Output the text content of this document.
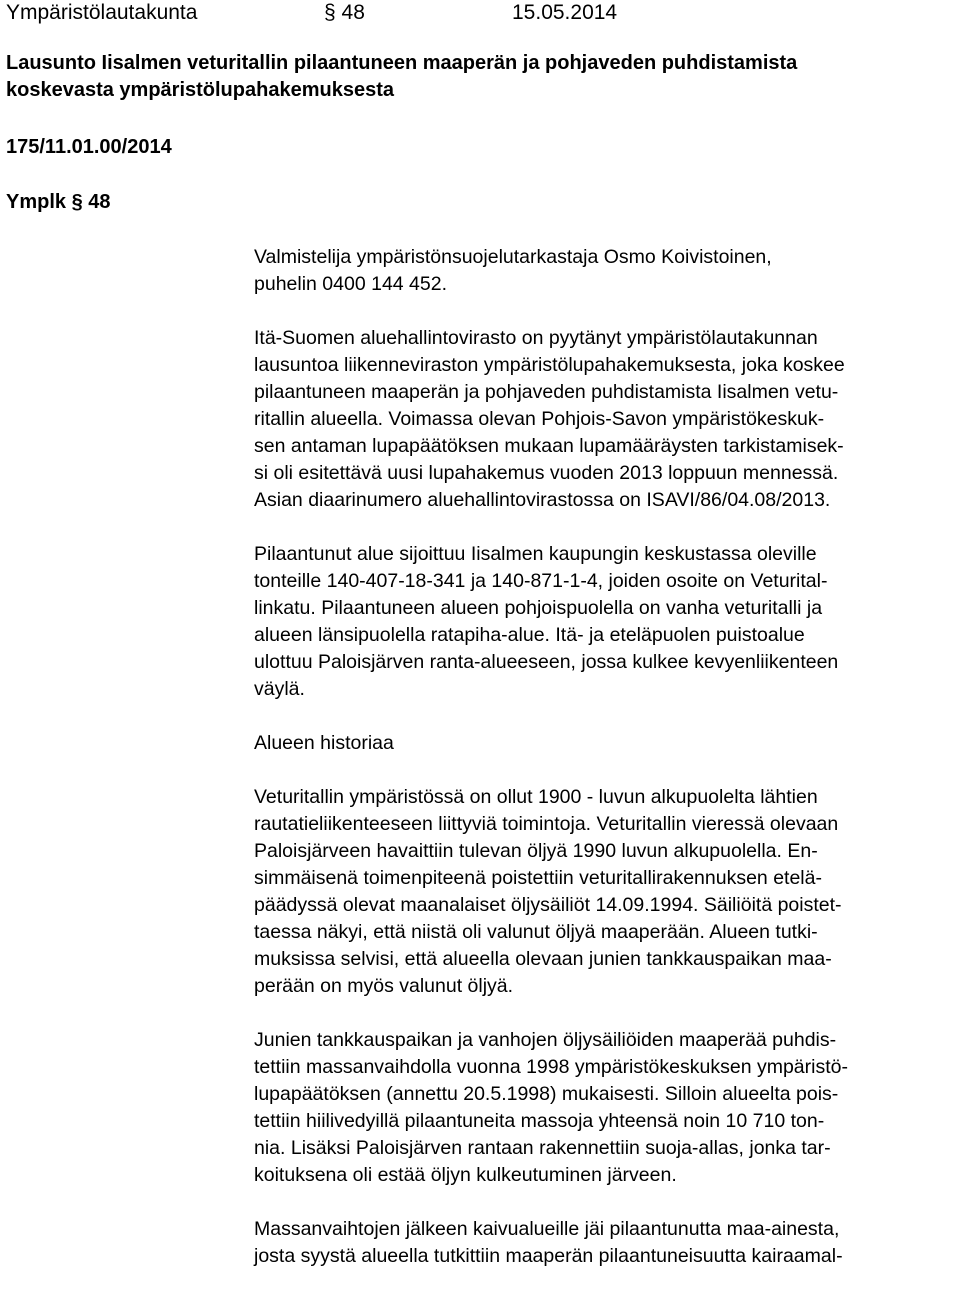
Ympäristölautakunta	§ 48	15.05.2014
Lausunto Iisalmen veturitallin pilaantuneen maaperän ja pohjaveden puhdistamista
koskevasta ympäristölupahakemuksesta
175/11.01.00/2014
Ymplk § 48
Valmistelija ympäristönsuojelutarkastaja Osmo Koivistoinen,
puhelin 0400 144 452.
Itä-Suomen aluehallintovirasto on pyytänyt ympäristölautakunnan
lausuntoa liikenneviraston ympäristölupahakemuksesta, joka koskee
pilaantuneen maaperän ja pohjaveden puhdistamista Iisalmen vetu-
ritallin alueella. Voimassa olevan Pohjois-Savon ympäristökeskuk-
sen antaman lupapäätöksen mukaan lupamääräysten tarkistamisek-
si oli esitettävä uusi lupahakemus vuoden 2013 loppuun mennessä.
Asian diaarinumero aluehallintovirastossa on ISAVI/86/04.08/2013.
Pilaantunut alue sijoittuu Iisalmen kaupungin keskustassa oleville
tonteille 140-407-18-341 ja 140-871-1-4, joiden osoite on Veturital-
linkatu. Pilaantuneen alueen pohjoispuolella on vanha veturitalli ja
alueen länsipuolella ratapiha-alue. Itä- ja eteläpuolen puistoalue
ulottuu Paloisjärven ranta-alueeseen, jossa kulkee kevyenliikenteen
väylä.
Alueen historiaa
Veturitallin ympäristössä on ollut 1900 - luvun alkupuolelta lähtien
rautatieliikenteeseen liittyviä toimintoja. Veturitallin vieressä olevaan
Paloisjärveen havaittiin tulevan öljyä 1990 luvun alkupuolella. En-
simmäisenä toimenpiteenä poistettiin veturitallirakennuksen etelä-
päädyssä olevat maanalaiset öljysäiliöt 14.09.1994. Säiliöitä poistet-
taessa näkyi, että niistä oli valunut öljyä maaperään. Alueen tutki-
muksissa selvisi, että alueella olevaan junien tankkauspaikan maa-
perään on myös valunut öljyä.
Junien tankkauspaikan ja vanhojen öljysäiliöiden maaperää puhdis-
tettiin massanvaihdolla vuonna 1998 ympäristökeskuksen ympäristö-
lupapäätöksen (annettu 20.5.1998) mukaisesti. Silloin alueelta pois-
tettiin hiilivedyillä pilaantuneita massoja yhteensä noin 10 710 ton-
nia. Lisäksi Paloisjärven rantaan rakennettiin suoja-allas, jonka tar-
koituksena oli estää öljyn kulkeutuminen järveen.
Massanvaihtojen jälkeen kaivualueille jäi pilaantunutta maa-ainesta,
josta syystä alueella tutkittiin maaperän pilaantuneisuutta kairaamal-
